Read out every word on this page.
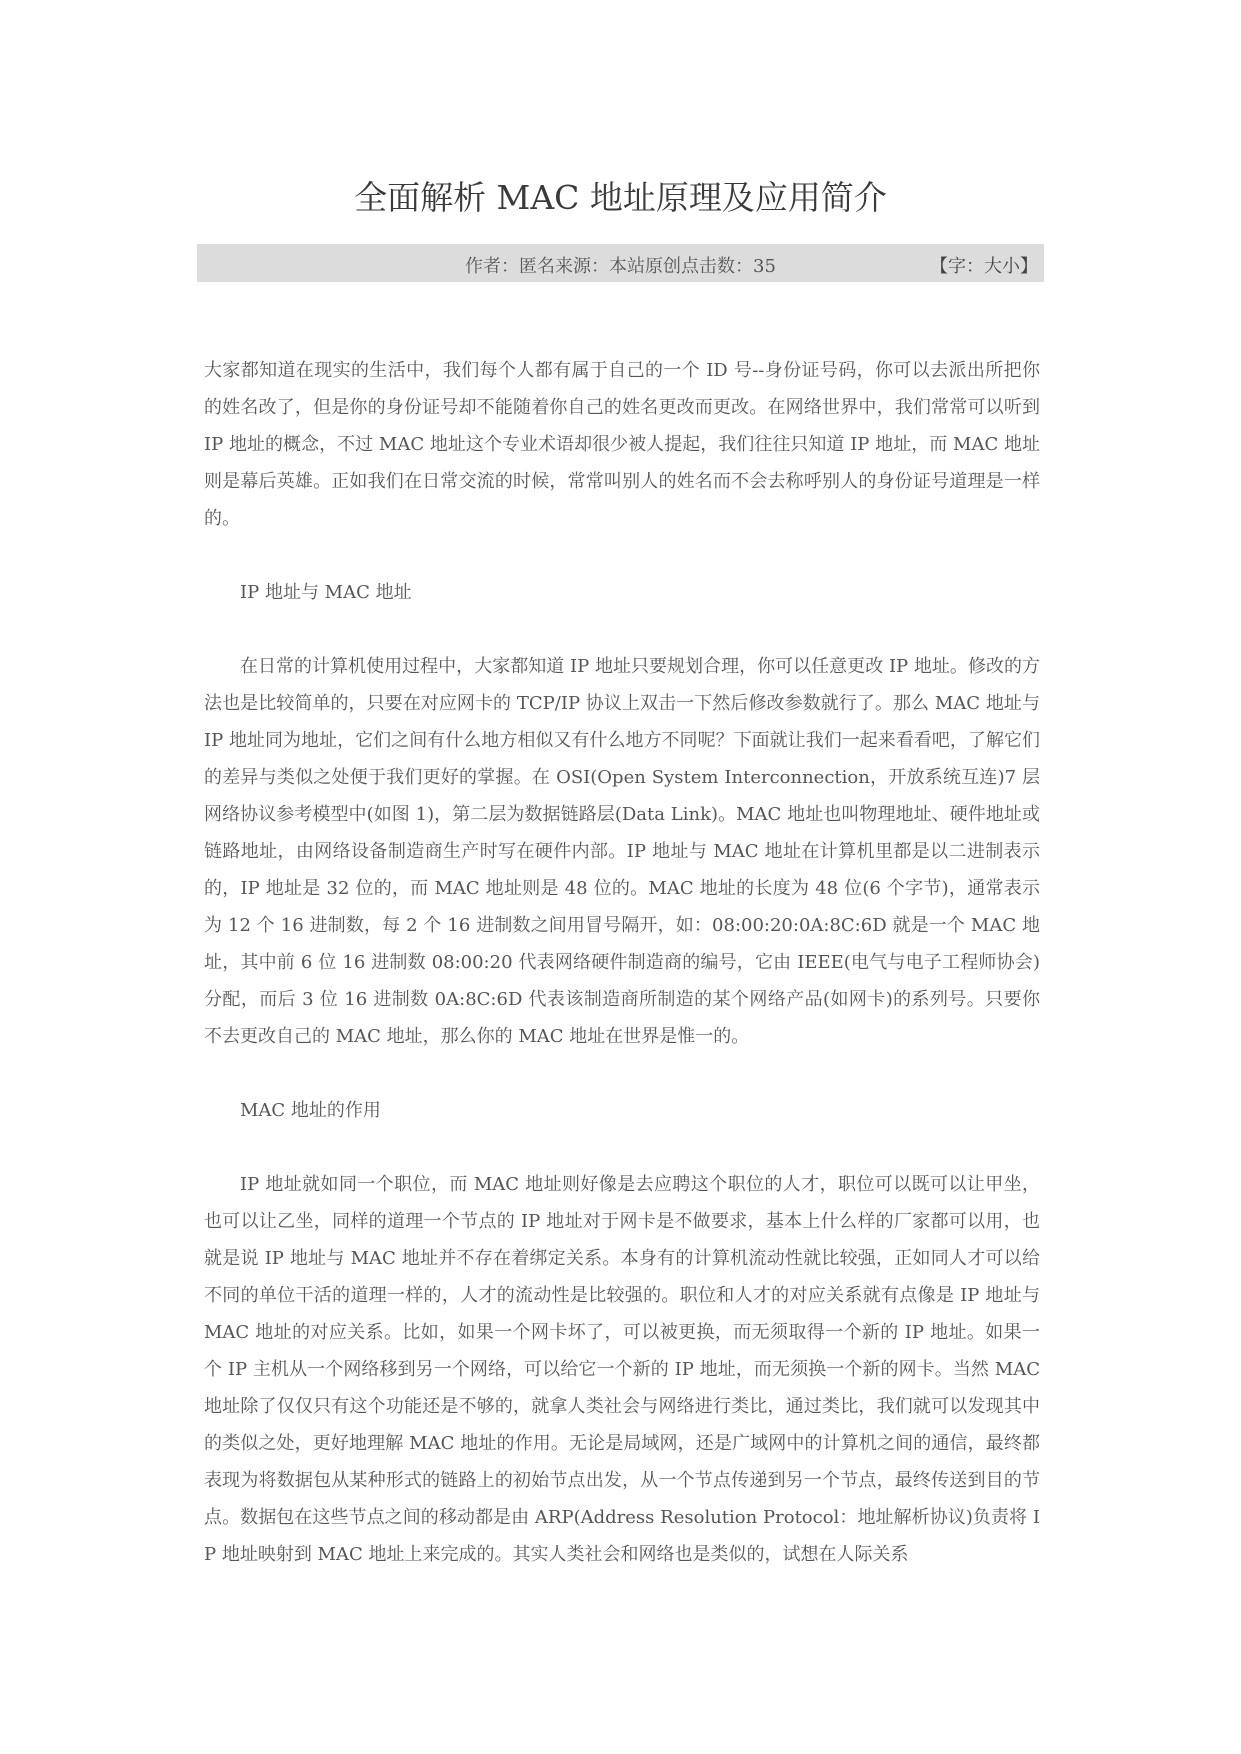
全面解析 MAC 地址原理及应用简介
作者：匿名来源：本站原创点击数：35	【字：大小】

大家都知道在现实的生活中，我们每个人都有属于自己的一个 ID 号--身份证号码，你可以去派出所把你的姓名改了，但是你的身份证号却不能随着你自己的姓名更改而更改。在网络世界中，我们常常可以听到 IP 地址的概念，不过 MAC 地址这个专业术语却很少被人提起，我们往往只知道 IP 地址，而 MAC 地址则是幕后英雄。正如我们在日常交流的时候，常常叫别人的姓名而不会去称呼别人的身份证号道理是一样的。

IP 地址与 MAC 地址

在日常的计算机使用过程中，大家都知道 IP 地址只要规划合理，你可以任意更改 IP 地址。修改的方法也是比较简单的，只要在对应网卡的 TCP/IP 协议上双击一下然后修改参数就行了。那么 MAC 地址与 IP 地址同为地址，它们之间有什么地方相似又有什么地方不同呢？下面就让我们一起来看看吧，了解它们的差异与类似之处便于我们更好的掌握。在 OSI(Open System Interconnection，开放系统互连)7 层网络协议参考模型中(如图 1)，第二层为数据链路层(Data Link)。MAC 地址也叫物理地址、硬件地址或链路地址，由网络设备制造商生产时写在硬件内部。IP 地址与 MAC 地址在计算机里都是以二进制表示的，IP 地址是 32 位的，而 MAC 地址则是 48 位的。MAC 地址的长度为 48 位(6 个字节)，通常表示为 12 个 16 进制数，每 2 个 16 进制数之间用冒号隔开，如：08:00:20:0A:8C:6D 就是一个 MAC 地址，其中前 6 位 16 进制数 08:00:20 代表网络硬件制造商的编号，它由 IEEE(电气与电子工程师协会)分配，而后 3 位 16 进制数 0A:8C:6D 代表该制造商所制造的某个网络产品(如网卡)的系列号。只要你不去更改自己的 MAC 地址，那么你的 MAC 地址在世界是惟一的。

MAC 地址的作用

IP 地址就如同一个职位，而 MAC 地址则好像是去应聘这个职位的人才，职位可以既可以让甲坐，也可以让乙坐，同样的道理一个节点的 IP 地址对于网卡是不做要求，基本上什么样的厂家都可以用，也就是说 IP 地址与 MAC 地址并不存在着绑定关系。本身有的计算机流动性就比较强，正如同人才可以给不同的单位干活的道理一样的，人才的流动性是比较强的。职位和人才的对应关系就有点像是 IP 地址与 MAC 地址的对应关系。比如，如果一个网卡坏了，可以被更换，而无须取得一个新的 IP 地址。如果一个 IP 主机从一个网络移到另一个网络，可以给它一个新的 IP 地址，而无须换一个新的网卡。当然 MAC 地址除了仅仅只有这个功能还是不够的，就拿人类社会与网络进行类比，通过类比，我们就可以发现其中的类似之处，更好地理解 MAC 地址的作用。无论是局域网，还是广域网中的计算机之间的通信，最终都表现为将数据包从某种形式的链路上的初始节点出发，从一个节点传递到另一个节点，最终传送到目的节点。数据包在这些节点之间的移动都是由 ARP(Address Resolution Protocol：地址解析协议)负责将 IP 地址映射到 MAC 地址上来完成的。其实人类社会和网络也是类似的，试想在人际关系
